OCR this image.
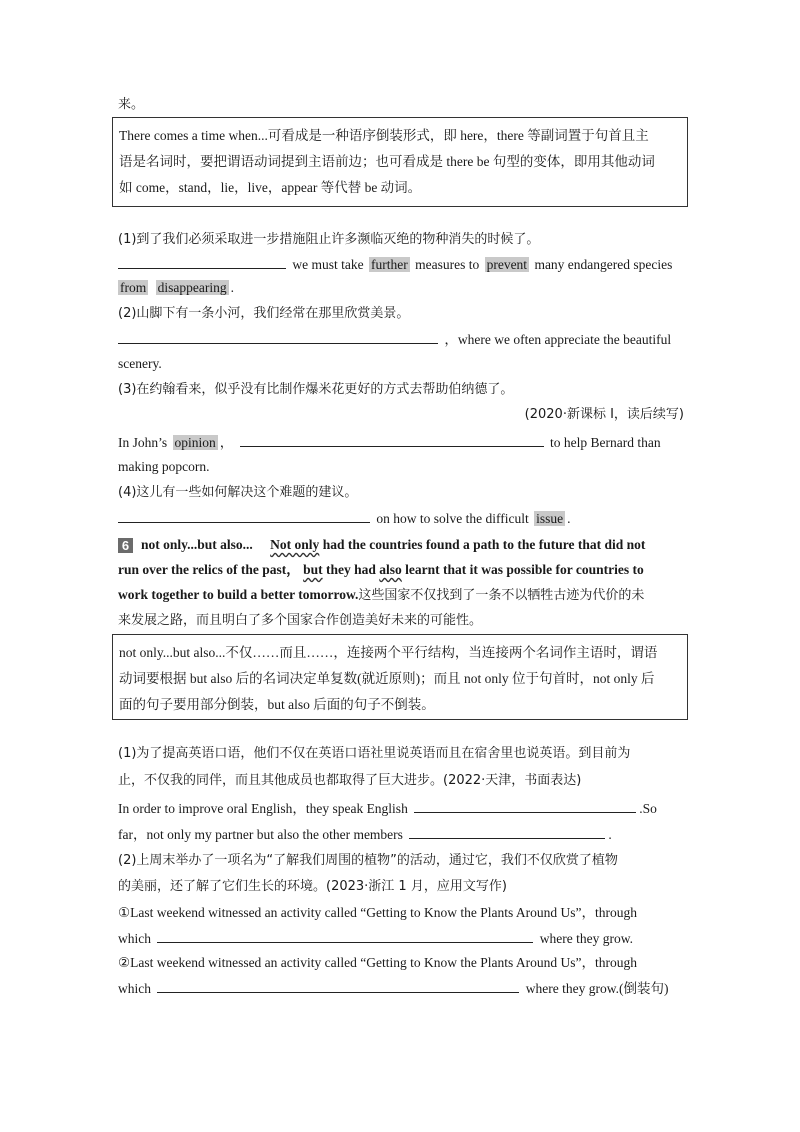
来。
There comes a time when...可看成是一种语序倒装形式，即 here，there 等副词置于句首且主
语是名词时，要把谓语动词提到主语前边；也可看成是 there be 句型的变体，即用其他动词
如 come，stand，lie，live，appear 等代替 be 动词。
(1)到了我们必须采取进一步措施阻止许多濒临灭绝的物种消失的时候了。
we must take further measures to prevent many endangered species
from disappearing .
(2)山脚下有一条小河，我们经常在那里欣赏美景。
，where we often appreciate the beautiful
scenery.
(3)在约翰看来，似乎没有比制作爆米花更好的方式去帮助伯纳德了。
(2020·新课标 Ⅰ，读后续写)
In John’s opinion ，	to help Bernard than
making popcorn.
(4)这儿有一些如何解决这个难题的建议。
on how to solve the difficult issue .
6 not only...but also... Not only had the countries found a path to the future that did not
run over the relics of the past， but they had also learnt that it was possible for countries to
work together to build a better tomorrow.这些国家不仅找到了一条不以牺牲古迹为代价的未
来发展之路，而且明白了多个国家合作创造美好未来的可能性。
not only...but also...不仅……而且……，连接两个平行结构，当连接两个名词作主语时，谓语
动词要根据 but also 后的名词决定单复数(就近原则)；而且 not only 位于句首时，not only 后
面的句子要用部分倒装，but also 后面的句子不倒装。
(1)为了提高英语口语，他们不仅在英语口语社里说英语而且在宿舍里也说英语。到目前为
止，不仅我的同伴，而且其他成员也都取得了巨大进步。(2022·天津，书面表达)
In order to improve oral English，they speak English	.So
far，not only my partner but also the other members	.
(2)上周末举办了一项名为“了解我们周围的植物”的活动，通过它，我们不仅欣赏了植物
的美丽，还了解了它们生长的环境。(2023·浙江 1 月，应用文写作)
①Last weekend witnessed an activity called “Getting to Know the Plants Around Us”，through
which	where they grow.
②Last weekend witnessed an activity called “Getting to Know the Plants Around Us”，through
which	where they grow.(倒装句)
